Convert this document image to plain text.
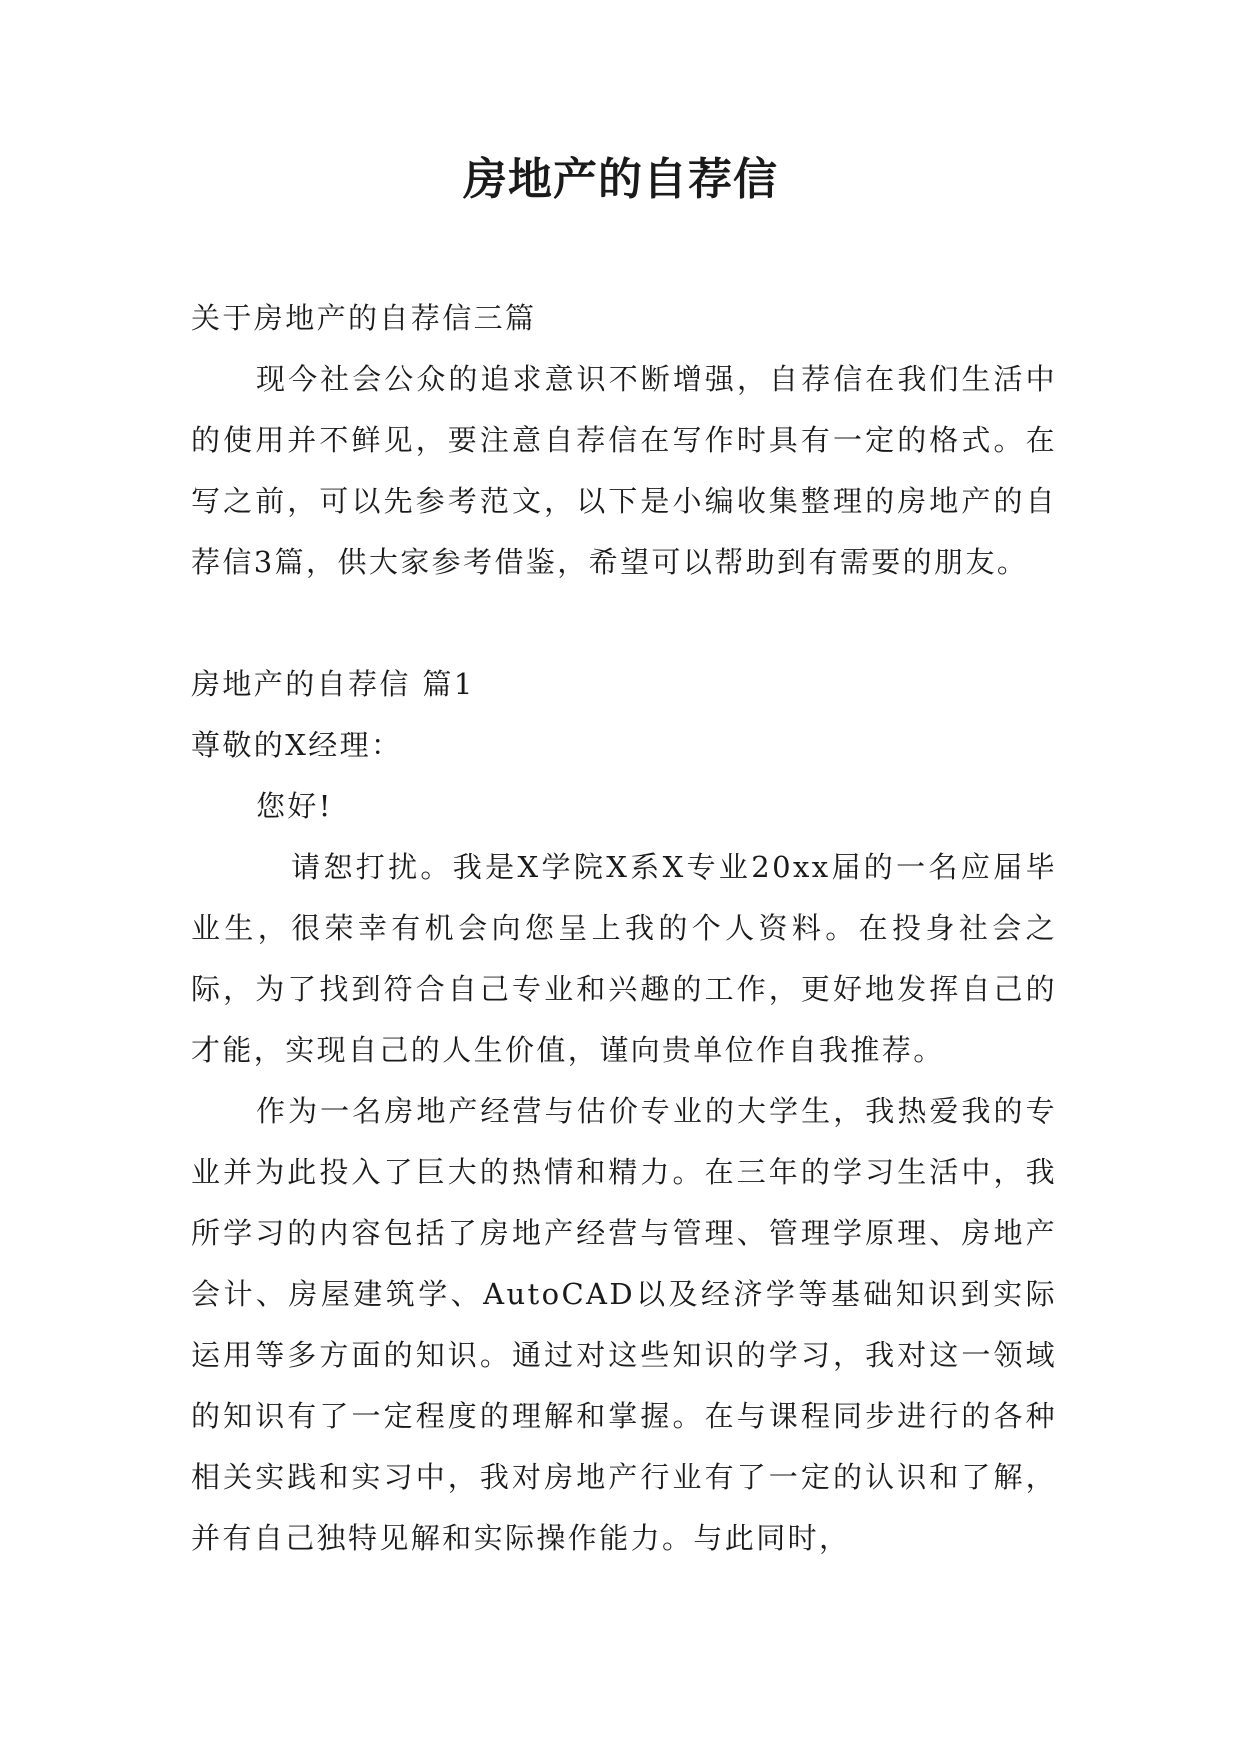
房地产的自荐信

关于房地产的自荐信三篇

现今社会公众的追求意识不断增强，自荐信在我们生活中的使用并不鲜见，要注意自荐信在写作时具有一定的格式。在写之前，可以先参考范文，以下是小编收集整理的房地产的自荐信3篇，供大家参考借鉴，希望可以帮助到有需要的朋友。

房地产的自荐信 篇1

尊敬的X经理：

您好!

请恕打扰。我是X学院X系X专业20xx届的一名应届毕业生，很荣幸有机会向您呈上我的个人资料。在投身社会之际，为了找到符合自己专业和兴趣的工作，更好地发挥自己的才能，实现自己的人生价值，谨向贵单位作自我推荐。

作为一名房地产经营与估价专业的大学生，我热爱我的专业并为此投入了巨大的热情和精力。在三年的学习生活中，我所学习的内容包括了房地产经营与管理、管理学原理、房地产会计、房屋建筑学、AutoCAD以及经济学等基础知识到实际运用等多方面的知识。通过对这些知识的学习，我对这一领域的知识有了一定程度的理解和掌握。在与课程同步进行的各种相关实践和实习中，我对房地产行业有了一定的认识和了解，并有自己独特见解和实际操作能力。与此同时，
